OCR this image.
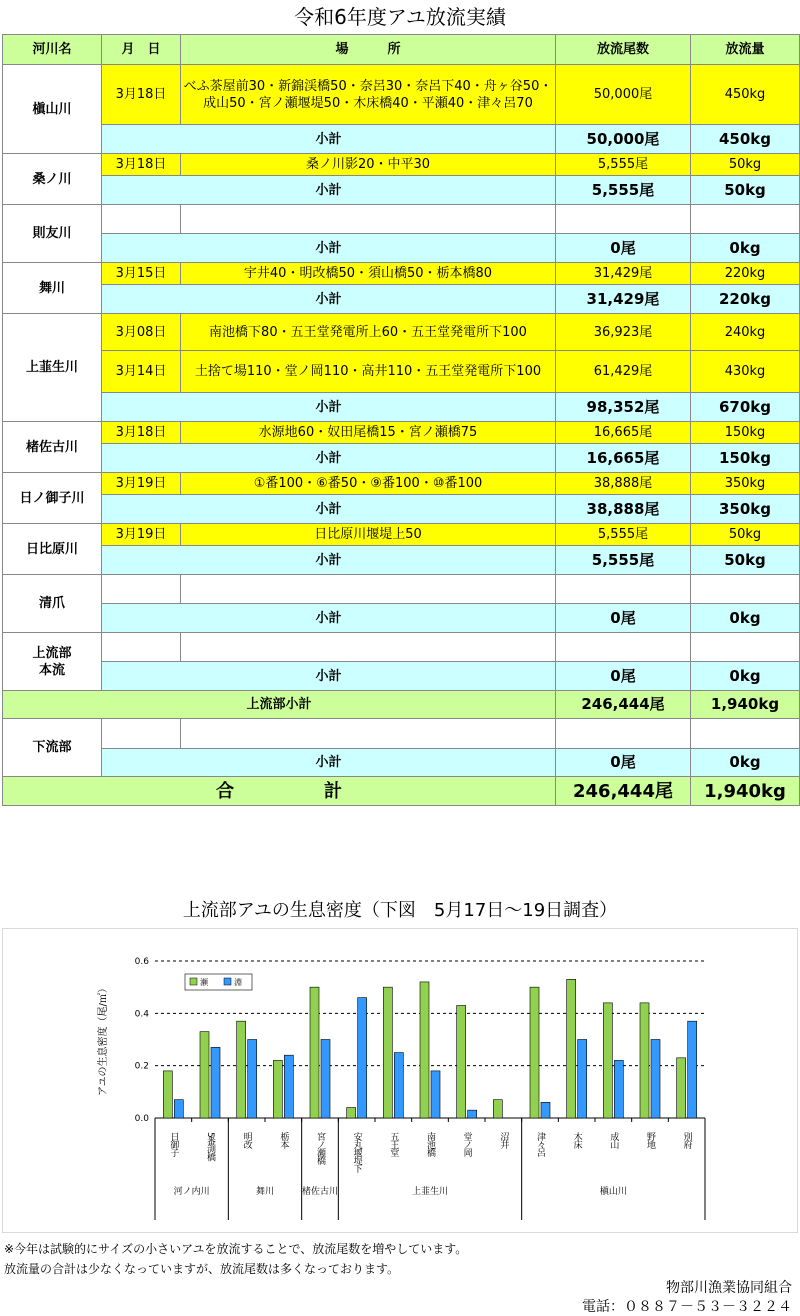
令和6年度アユ放流実績
河川名	月　日	場　　　所	放流尾数	放流量
槇山川	3月18日	べふ茶屋前30・新錦渓橋50・奈呂30・奈呂下40・舟ヶ谷50・成山50・宮ノ瀬堰堤50・木床橋40・平瀬40・津々呂70	50,000尾	450kg
	小計		50,000尾	450kg
桑ノ川	3月18日	桑ノ川影20・中平30	5,555尾	50kg
	小計		5,555尾	50kg
則友川				
	小計		0尾	0kg
舞川	3月15日	宇井40・明改橋50・須山橋50・栃本橋80	31,429尾	220kg
	小計		31,429尾	220kg
上韮生川	3月08日	南池橋下80・五王堂発電所上60・五王堂発電所下100	36,923尾	240kg
	3月14日	土捨て場110・堂ノ岡110・高井110・五王堂発電所下100	61,429尾	430kg
	小計		98,352尾	670kg
楮佐古川	3月18日	水源地60・奴田尾橋15・宮ノ瀬橋75	16,665尾	150kg
	小計		16,665尾	150kg
日ノ御子川	3月19日	①番100・⑥番50・⑨番100・⑩番100	38,888尾	350kg
	小計		38,888尾	350kg
日比原川	3月19日	日比原川堰堤上50	5,555尾	50kg
	小計		5,555尾	50kg
清爪				
	小計		0尾	0kg
上流部
本流				
	小計		0尾	0kg
上流部小計			246,444尾	1,940kg
下流部				
	小計		0尾	0kg
合　　　　　計			246,444尾	1,940kg
上流部アユの生息密度（下図　5月17日～19日調査）
0.0
0.2
0.4
0.6
アユの生息密度（尾/㎡）
日御子	5番渕橋	明改	栃本	宮ノ瀬橋	安丸堰堤下	五王堂	南池橋	堂ノ岡	沼井	津々呂	木床	成山	野地	別府
河ノ内川	舞川	楮佐古川	上韮生川	槇山川
瀬	淵
※今年は試験的にサイズの小さいアユを放流することで、放流尾数を増やしています。
放流量の合計は少なくなっていますが、放流尾数は多くなっております。
物部川漁業協同組合
電話：０８８７－５３－３２２４
